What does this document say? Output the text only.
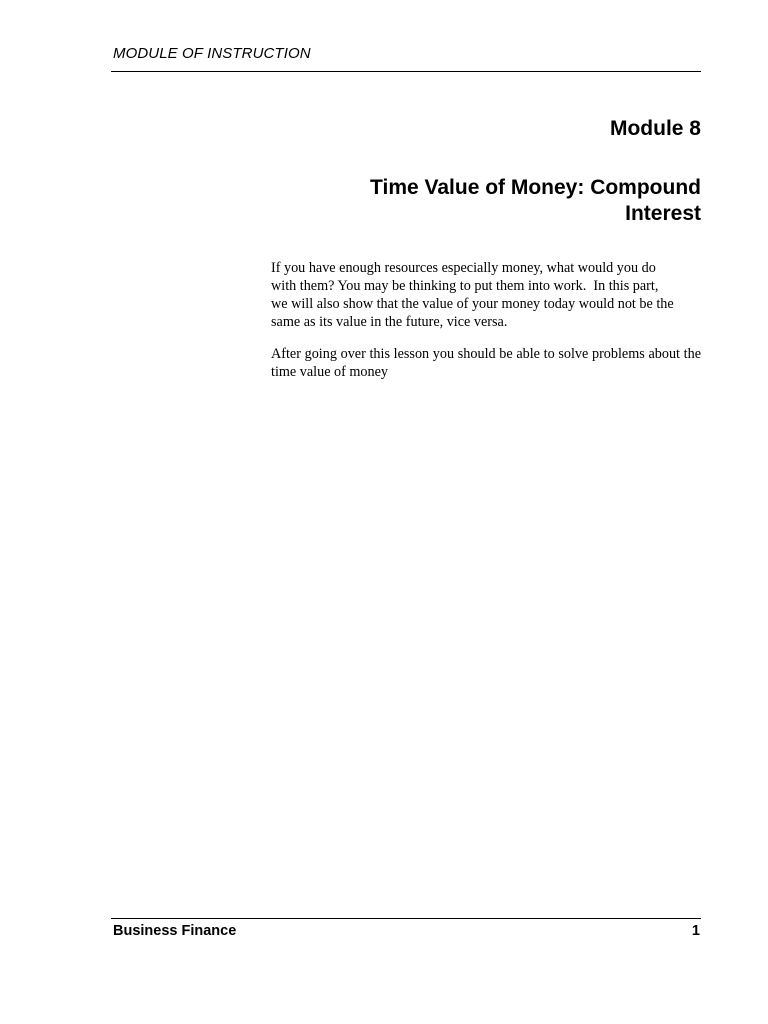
MODULE OF INSTRUCTION
Module 8
Time Value of Money: Compound
Interest
If you have enough resources especially money, what would you do
with them? You may be thinking to put them into work.  In this part,
we will also show that the value of your money today would not be the
same as its value in the future, vice versa.
After going over this lesson you should be able to solve problems about the time value of money
Business Finance	1
